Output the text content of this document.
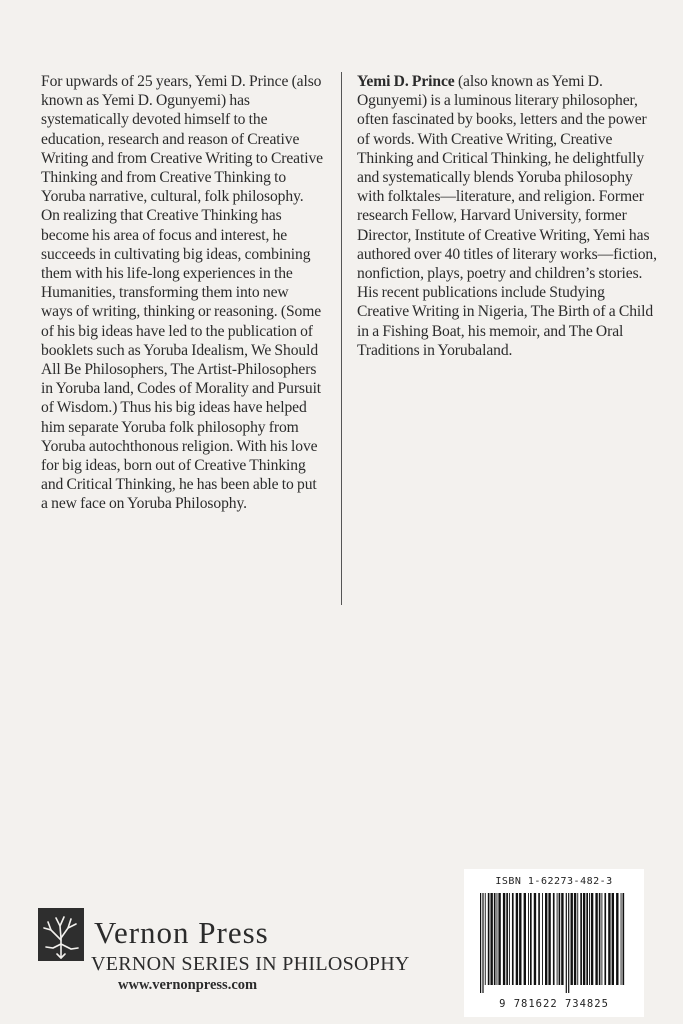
For upwards of 25 years, Yemi D. Prince (also known as Yemi D. Ogunyemi) has systematically devoted himself to the education, research and reason of Creative Writing and from Creative Writing to Creative Thinking and from Creative Thinking to Yoruba narrative, cultural, folk philosophy. On realizing that Creative Thinking has become his area of focus and interest, he succeeds in cultivating big ideas, combining them with his life-long experiences in the Humanities, transforming them into new ways of writing, thinking or reasoning. (Some of his big ideas have led to the publication of booklets such as Yoruba Idealism, We Should All Be Philosophers, The Artist-Philosophers in Yoruba land, Codes of Morality and Pursuit of Wisdom.) Thus his big ideas have helped him separate Yoruba folk philosophy from Yoruba autochthonous religion. With his love for big ideas, born out of Creative Thinking and Critical Thinking, he has been able to put a new face on Yoruba Philosophy.

Yemi D. Prince (also known as Yemi D. Ogunyemi) is a luminous literary philosopher, often fascinated by books, letters and the power of words. With Creative Writing, Creative Thinking and Critical Thinking, he delightfully and systematically blends Yoruba philosophy with folktales—literature, and religion. Former research Fellow, Harvard University, former Director, Institute of Creative Writing, Yemi has authored over 40 titles of literary works—fiction, nonfiction, plays, poetry and children’s stories. His recent publications include Studying Creative Writing in Nigeria, The Birth of a Child in a Fishing Boat, his memoir, and The Oral Traditions in Yorubaland.

Vernon Press
VERNON SERIES IN PHILOSOPHY
www.vernonpress.com
ISBN 1-62273-482-3
9 781622 734825
